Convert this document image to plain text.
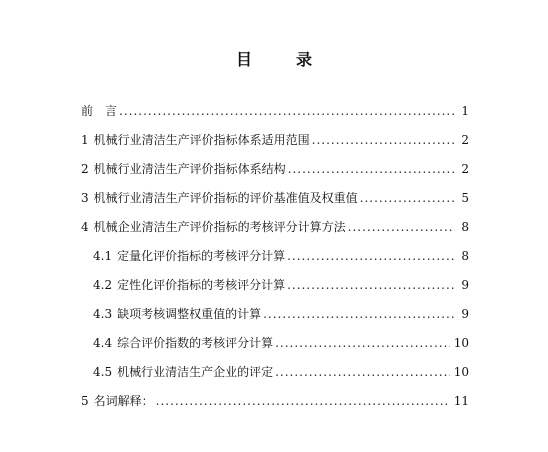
目　录
前　言 .....	1
1 机械行业清洁生产评价指标体系适用范围 .....	2
2 机械行业清洁生产评价指标体系结构 .....	2
3 机械行业清洁生产评价指标的评价基准值及权重值 .....	5
4 机械企业清洁生产评价指标的考核评分计算方法 .....	8
4.1 定量化评价指标的考核评分计算 .....	8
4.2 定性化评价指标的考核评分计算 .....	9
4.3 缺项考核调整权重值的计算 .....	9
4.4 综合评价指数的考核评分计算 .....	10
4.5 机械行业清洁生产企业的评定 .....	10
5 名词解释： .....	11
